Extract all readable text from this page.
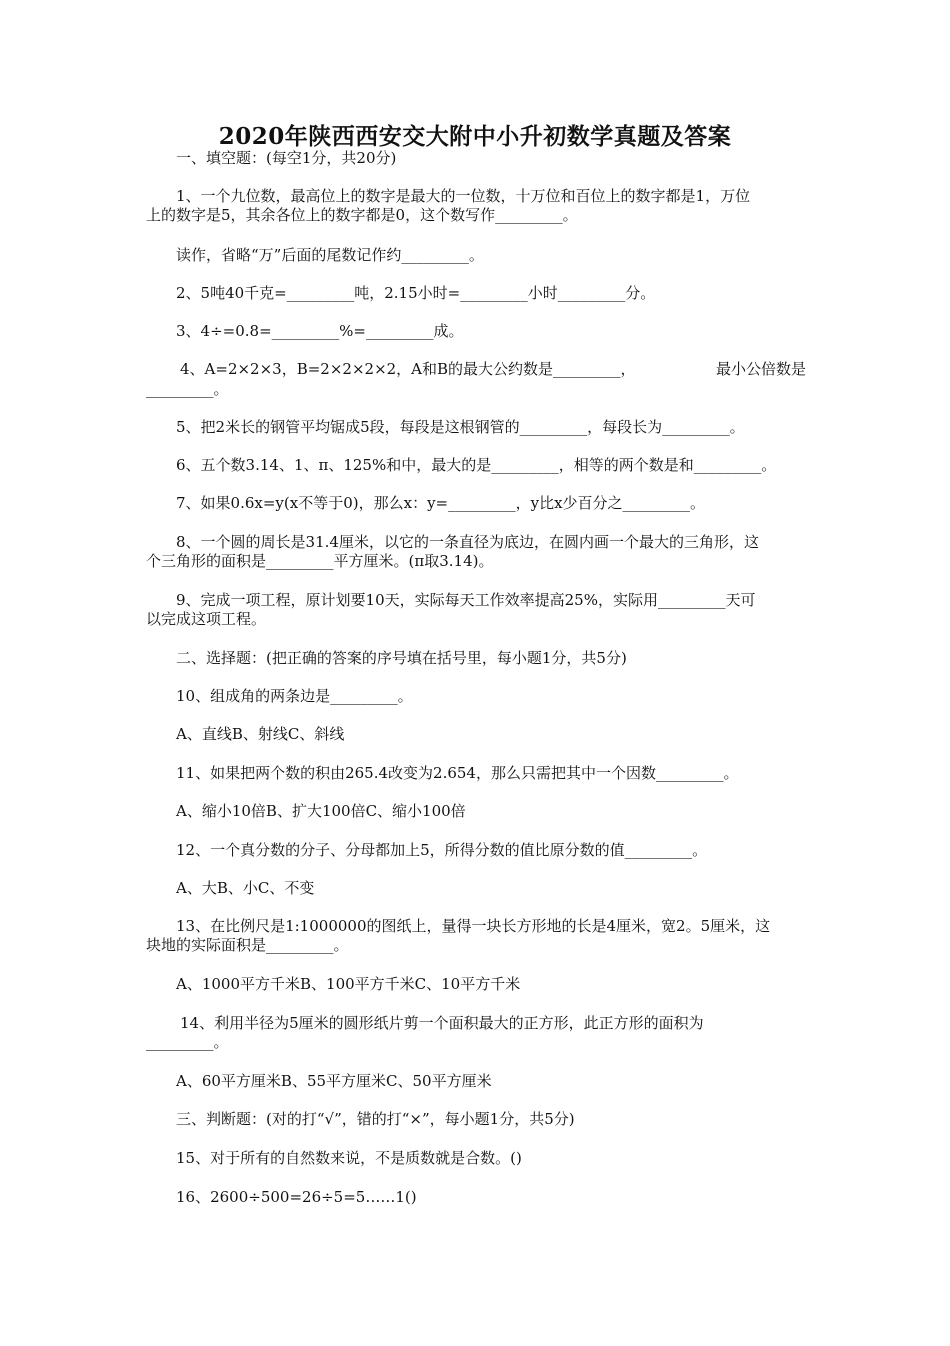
2020年陕西西安交大附中小升初数学真题及答案
一、填空题：(每空1分，共20分)
1、一个九位数，最高位上的数字是最大的一位数，十万位和百位上的数字都是1，万位
上的数字是5，其余各位上的数字都是0，这个数写作_________。
读作，省略“万”后面的尾数记作约_________。
2、5吨40千克=_________吨，2.15小时=_________小时_________分。
3、4÷=0.8=_________%=_________成。
4、A=2×2×3，B=2×2×2×2，A和B的最大公约数是_________，	最小公倍数是
_________。
5、把2米长的钢管平均锯成5段，每段是这根钢管的_________，每段长为_________。
6、五个数3.14、1、π、125%和中，最大的是_________，相等的两个数是和_________。
7、如果0.6x=y(x不等于0)，那么x：y=_________，y比x少百分之_________。
8、一个圆的周长是31.4厘米，以它的一条直径为底边，在圆内画一个最大的三角形，这
个三角形的面积是_________平方厘米。(π取3.14)。
9、完成一项工程，原计划要10天，实际每天工作效率提高25%，实际用_________天可
以完成这项工程。
二、选择题：(把正确的答案的序号填在括号里，每小题1分，共5分)
10、组成角的两条边是_________。
A、直线B、射线C、斜线
11、如果把两个数的积由265.4改变为2.654，那么只需把其中一个因数_________。
A、缩小10倍B、扩大100倍C、缩小100倍
12、一个真分数的分子、分母都加上5，所得分数的值比原分数的值_________。
A、大B、小C、不变
13、在比例尺是1:1000000的图纸上，量得一块长方形地的长是4厘米，宽2。5厘米，这
块地的实际面积是_________。
A、1000平方千米B、100平方千米C、10平方千米
14、利用半径为5厘米的圆形纸片剪一个面积最大的正方形，此正方形的面积为
_________。
A、60平方厘米B、55平方厘米C、50平方厘米
三、判断题：(对的打“√”，错的打“×”，每小题1分，共5分)
15、对于所有的自然数来说，不是质数就是合数。()
16、2600÷500=26÷5=5……1()
